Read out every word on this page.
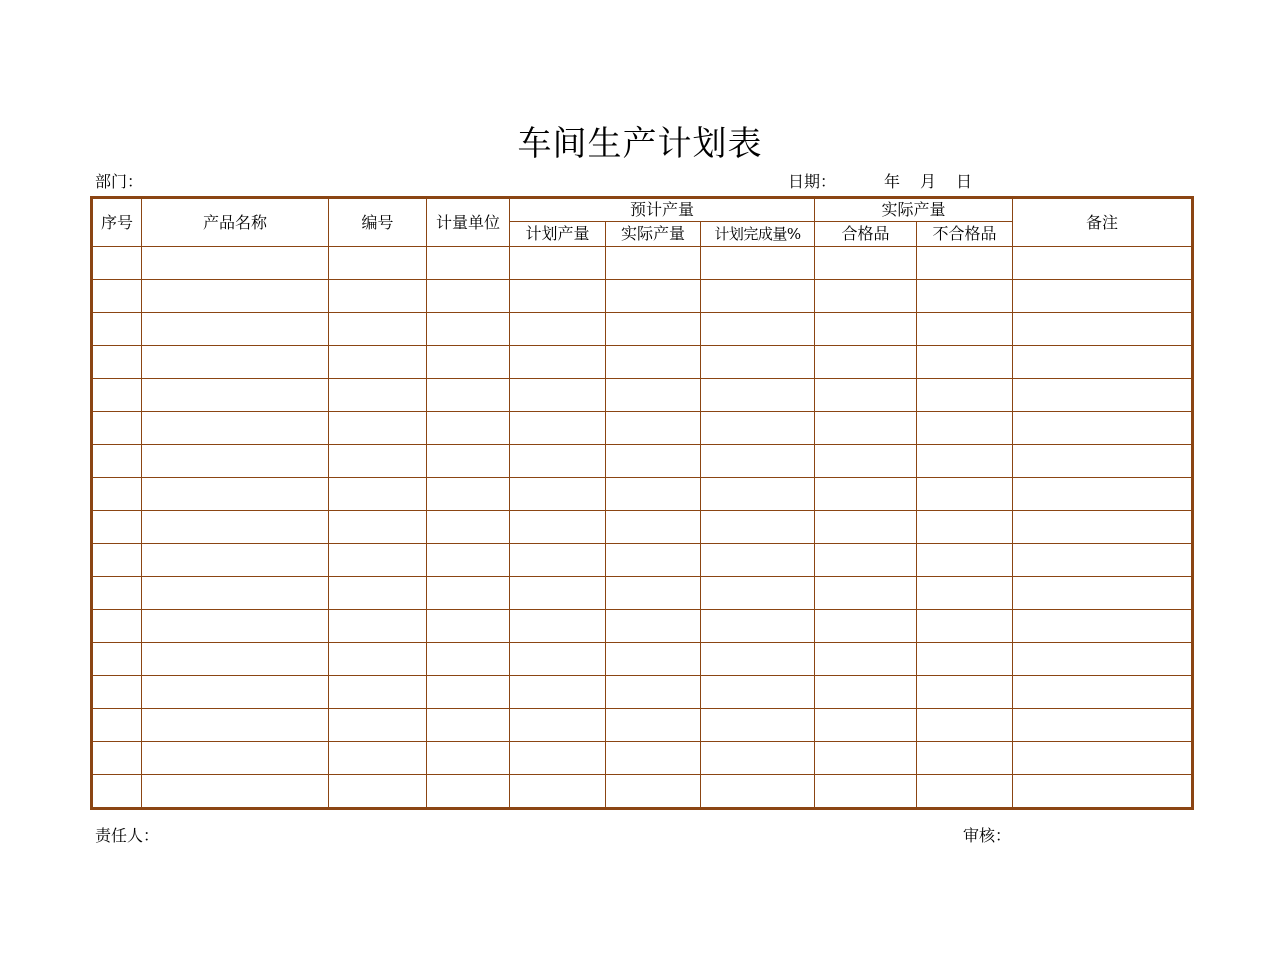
车间生产计划表
部门：	日期：	年 月 日
序号	产品名称	编号	计量单位	预计产量			实际产量		备注
				计划产量	实际产量	计划完成量%	合格品	不合格品	

责任人：	审核：
